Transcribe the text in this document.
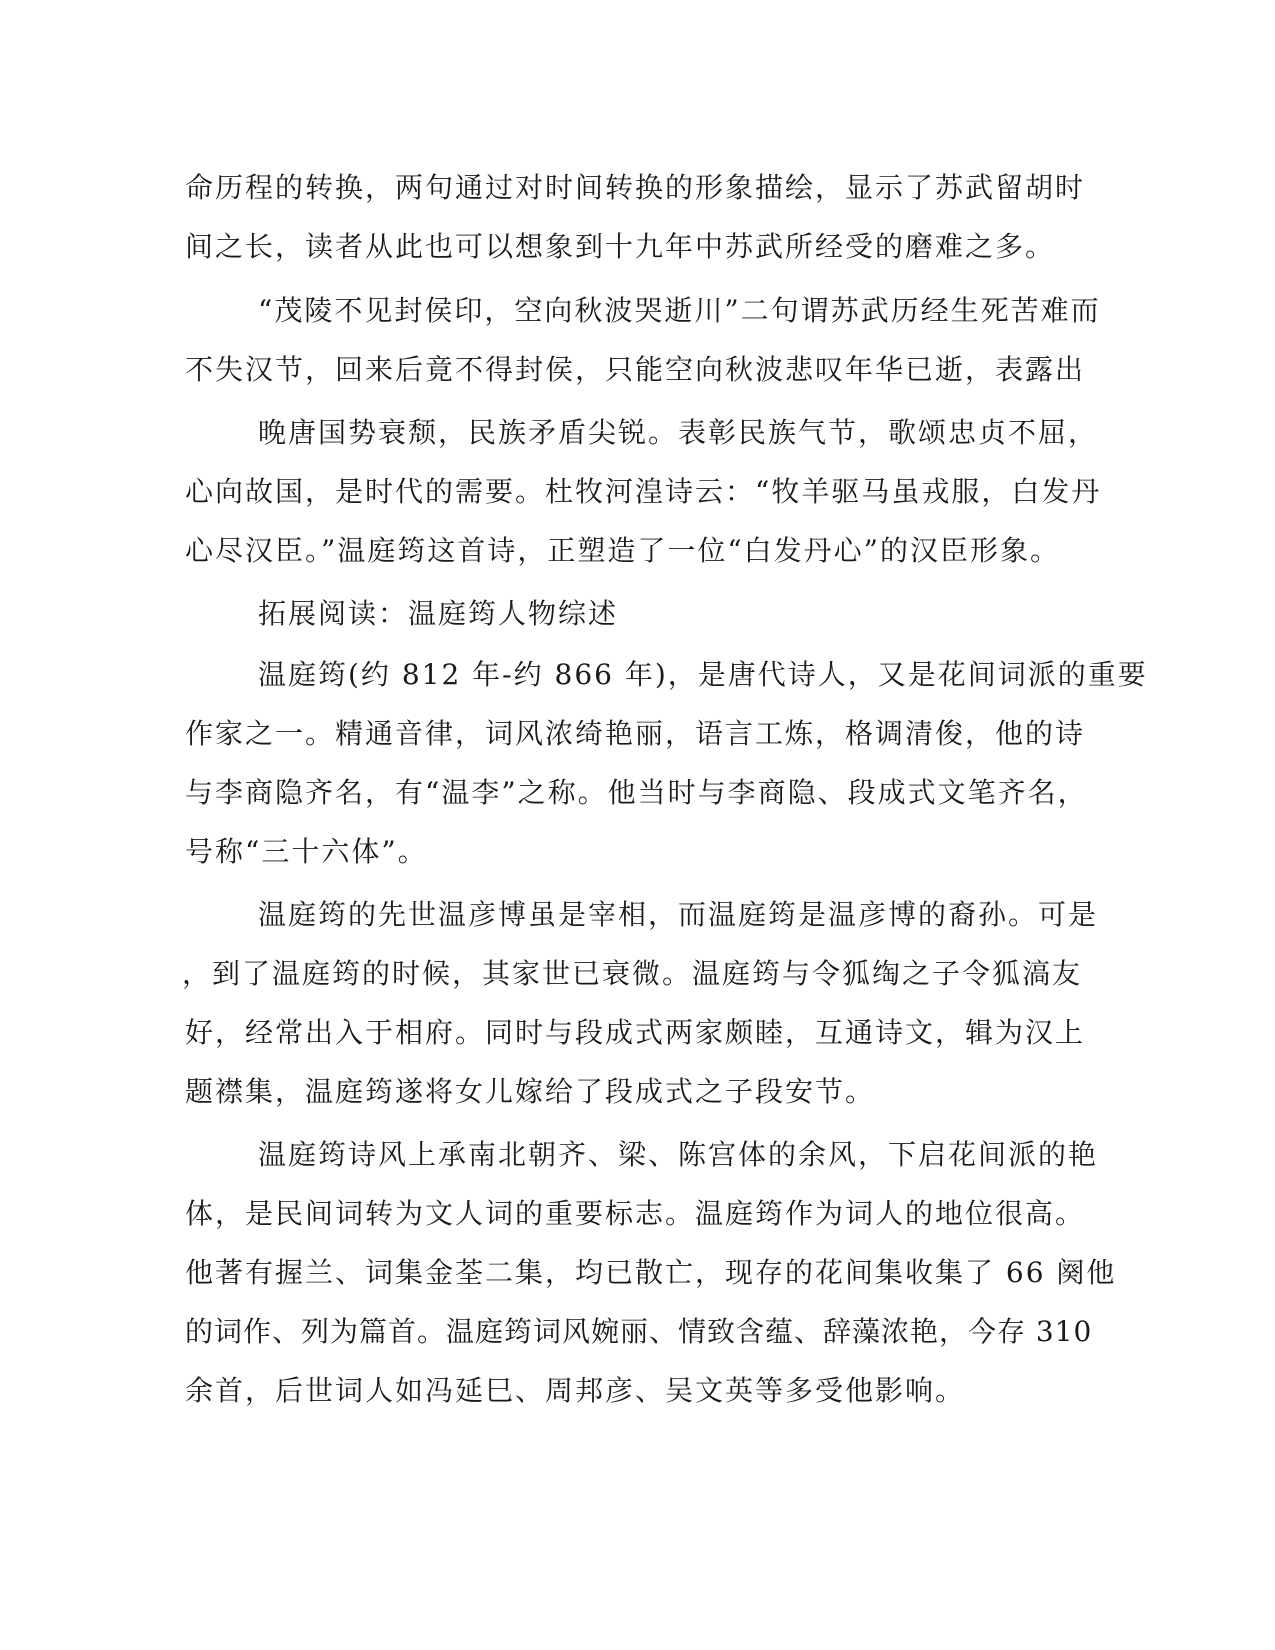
命历程的转换，两句通过对时间转换的形象描绘，显示了苏武留胡时

间之长，读者从此也可以想象到十九年中苏武所经受的磨难之多。

“茂陵不见封侯印，空向秋波哭逝川”二句谓苏武历经生死苦难而

不失汉节，回来后竟不得封侯，只能空向秋波悲叹年华已逝，表露出

晚唐国势衰颓，民族矛盾尖锐。表彰民族气节，歌颂忠贞不屈，

心向故国，是时代的需要。杜牧河湟诗云：“牧羊驱马虽戎服，白发丹

心尽汉臣。”温庭筠这首诗，正塑造了一位“白发丹心”的汉臣形象。

拓展阅读：温庭筠人物综述

温庭筠(约 812 年-约 866 年)，是唐代诗人，又是花间词派的重要

作家之一。精通音律，词风浓绮艳丽，语言工炼，格调清俊，他的诗

与李商隐齐名，有“温李”之称。他当时与李商隐、段成式文笔齐名，

号称“三十六体”。

温庭筠的先世温彦博虽是宰相，而温庭筠是温彦博的裔孙。可是

，到了温庭筠的时候，其家世已衰微。温庭筠与令狐绹之子令狐滈友

好，经常出入于相府。同时与段成式两家颇睦，互通诗文，辑为汉上

题襟集，温庭筠遂将女儿嫁给了段成式之子段安节。

温庭筠诗风上承南北朝齐、梁、陈宫体的余风，下启花间派的艳

体，是民间词转为文人词的重要标志。温庭筠作为词人的地位很高。

他著有握兰、词集金荃二集，均已散亡，现存的花间集收集了 66 阕他

的词作、列为篇首。温庭筠词风婉丽、情致含蕴、辞藻浓艳，今存 310

余首，后世词人如冯延巳、周邦彦、吴文英等多受他影响。
